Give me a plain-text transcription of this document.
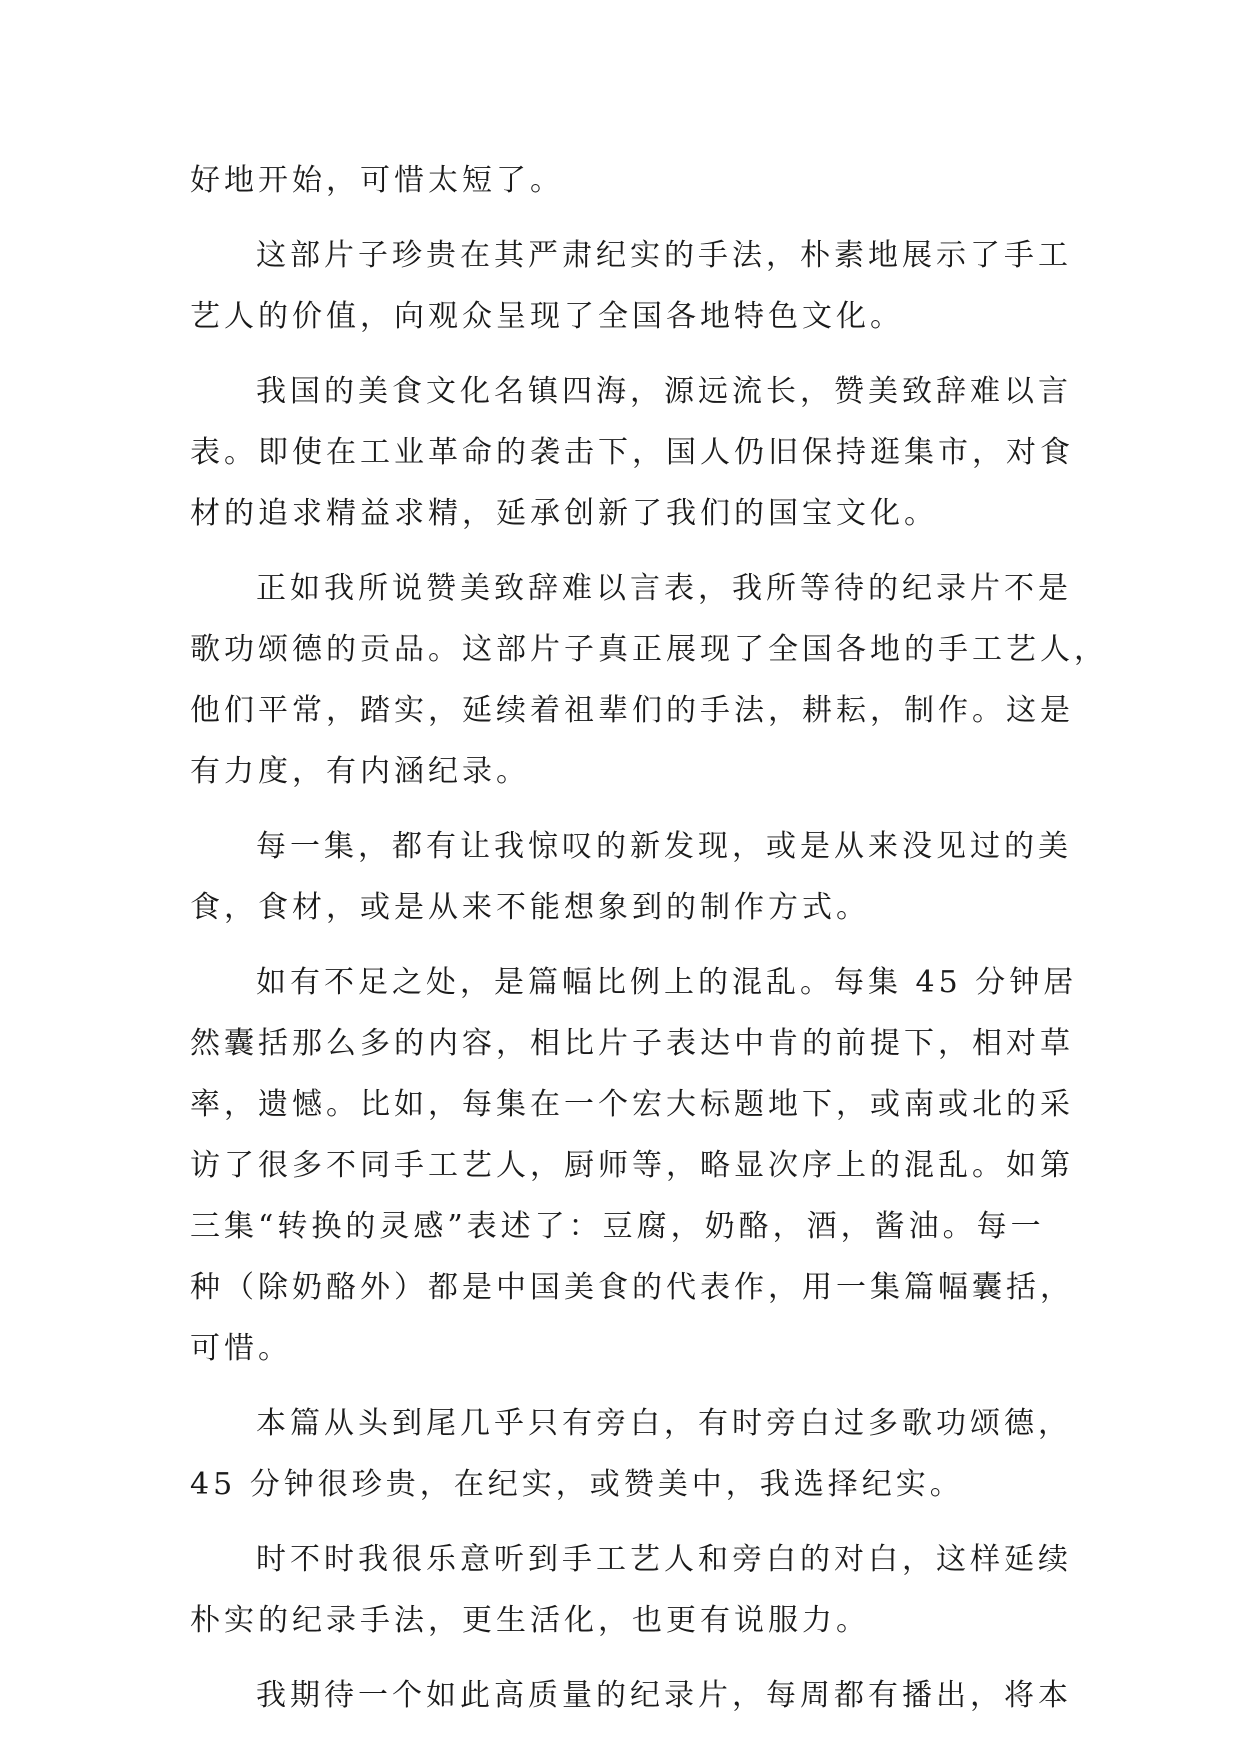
好地开始，可惜太短了。
这部片子珍贵在其严肃纪实的手法，朴素地展示了手工
艺人的价值，向观众呈现了全国各地特色文化。
我国的美食文化名镇四海，源远流长，赞美致辞难以言
表。即使在工业革命的袭击下，国人仍旧保持逛集市，对食
材的追求精益求精，延承创新了我们的国宝文化。
正如我所说赞美致辞难以言表，我所等待的纪录片不是
歌功颂德的贡品。这部片子真正展现了全国各地的手工艺人，
他们平常，踏实，延续着祖辈们的手法，耕耘，制作。这是
有力度，有内涵纪录。
每一集，都有让我惊叹的新发现，或是从来没见过的美
食，食材，或是从来不能想象到的制作方式。
如有不足之处，是篇幅比例上的混乱。每集 45 分钟居
然囊括那么多的内容，相比片子表达中肯的前提下，相对草
率，遗憾。比如，每集在一个宏大标题地下，或南或北的采
访了很多不同手工艺人，厨师等，略显次序上的混乱。如第
三集“转换的灵感”表述了：豆腐，奶酪，酒，酱油。每一
种（除奶酪外）都是中国美食的代表作，用一集篇幅囊括，
可惜。
本篇从头到尾几乎只有旁白，有时旁白过多歌功颂德，
45 分钟很珍贵，在纪实，或赞美中，我选择纪实。
时不时我很乐意听到手工艺人和旁白的对白，这样延续
朴实的纪录手法，更生活化，也更有说服力。
我期待一个如此高质量的纪录片，每周都有播出，将本
